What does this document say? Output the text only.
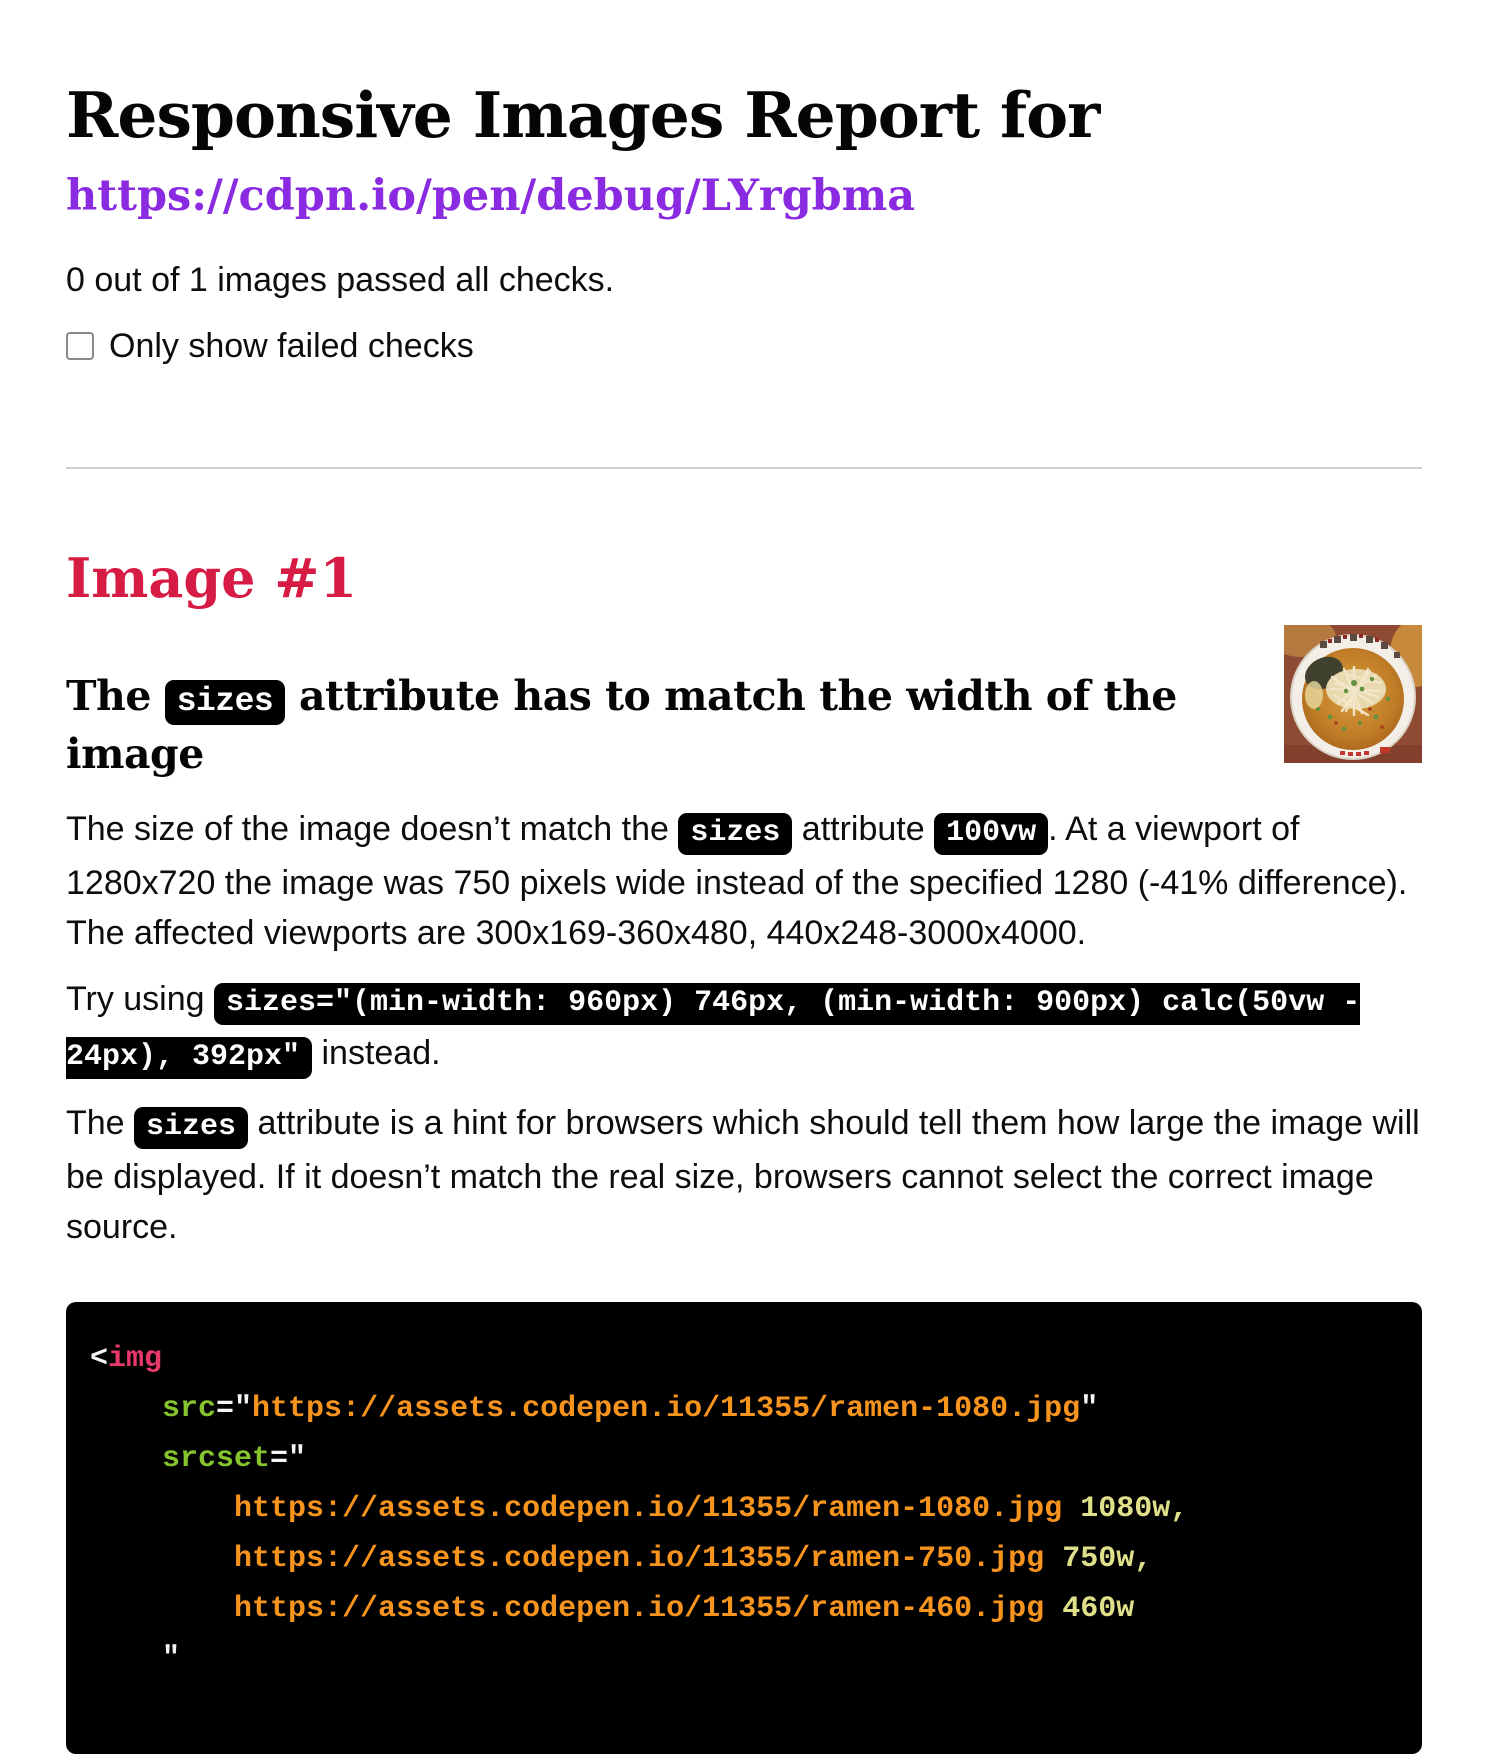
Responsive Images Report for
https://cdpn.io/pen/debug/LYrgbma

0 out of 1 images passed all checks.

Only show failed checks
Image #1
The sizes attribute has to match the width of the image

The size of the image doesn’t match the sizes attribute 100vw . At a viewport of 1280x720 the image was 750 pixels wide instead of the specified 1280 (-41% difference). The affected viewports are 300x169-360x480, 440x248-3000x4000.

Try using sizes="(min-width: 960px) 746px, (min-width: 900px) calc(50vw - 24px), 392px" instead.

The sizes attribute is a hint for browsers which should tell them how large the image will be displayed. If it doesn’t match the real size, browsers cannot select the correct image source.

<img
src="https://assets.codepen.io/11355/ramen-1080.jpg"
srcset="
https://assets.codepen.io/11355/ramen-1080.jpg 1080w,
https://assets.codepen.io/11355/ramen-750.jpg 750w,
https://assets.codepen.io/11355/ramen-460.jpg 460w
"
